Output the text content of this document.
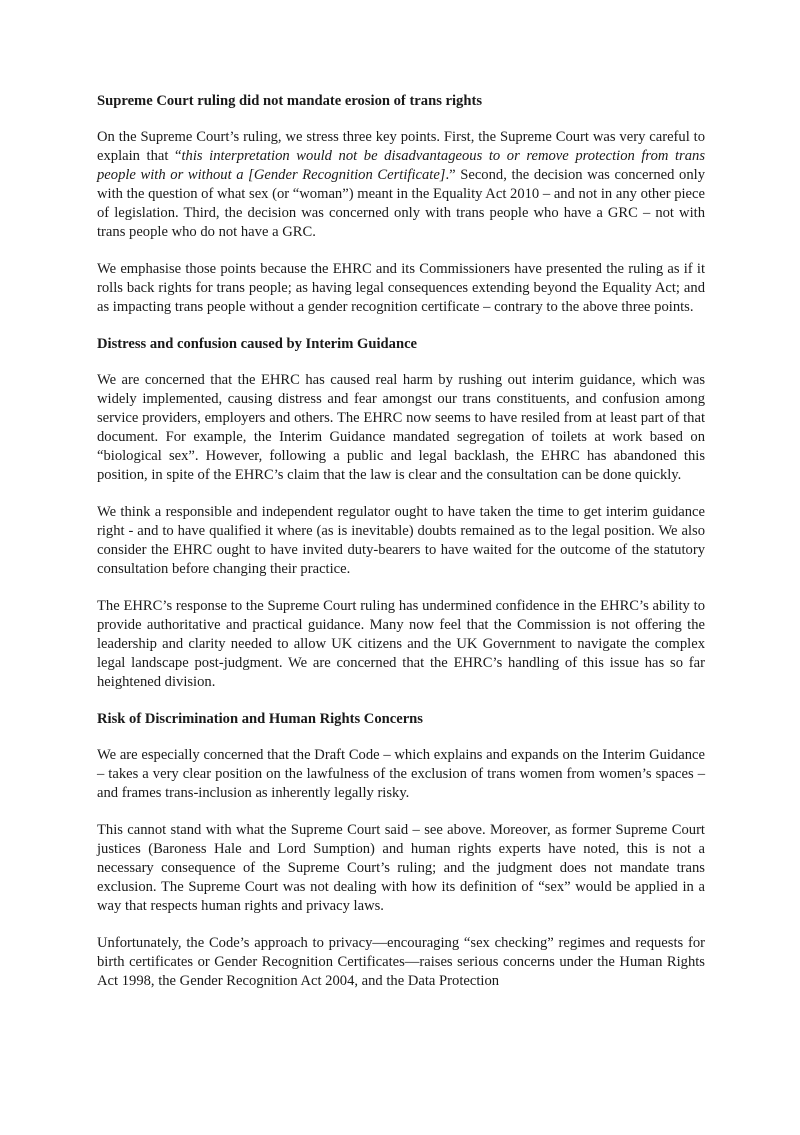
Supreme Court ruling did not mandate erosion of trans rights
On the Supreme Court’s ruling, we stress three key points. First, the Supreme Court was very careful to explain that “this interpretation would not be disadvantageous to or remove protection from trans people with or without a [Gender Recognition Certificate].” Second, the decision was concerned only with the question of what sex (or “woman”) meant in the Equality Act 2010 – and not in any other piece of legislation. Third, the decision was concerned only with trans people who have a GRC – not with trans people who do not have a GRC.
We emphasise those points because the EHRC and its Commissioners have presented the ruling as if it rolls back rights for trans people; as having legal consequences extending beyond the Equality Act; and as impacting trans people without a gender recognition certificate – contrary to the above three points.
Distress and confusion caused by Interim Guidance
We are concerned that the EHRC has caused real harm by rushing out interim guidance, which was widely implemented, causing distress and fear amongst our trans constituents, and confusion among service providers, employers and others. The EHRC now seems to have resiled from at least part of that document. For example, the Interim Guidance mandated segregation of toilets at work based on “biological sex”. However, following a public and legal backlash, the EHRC has abandoned this position, in spite of the EHRC’s claim that the law is clear and the consultation can be done quickly.
We think a responsible and independent regulator ought to have taken the time to get interim guidance right - and to have qualified it where (as is inevitable) doubts remained as to the legal position. We also consider the EHRC ought to have invited duty-bearers to have waited for the outcome of the statutory consultation before changing their practice.
The EHRC’s response to the Supreme Court ruling has undermined confidence in the EHRC’s ability to provide authoritative and practical guidance. Many now feel that the Commission is not offering the leadership and clarity needed to allow UK citizens and the UK Government to navigate the complex legal landscape post-judgment. We are concerned that the EHRC’s handling of this issue has so far heightened division.
Risk of Discrimination and Human Rights Concerns
We are especially concerned that the Draft Code – which explains and expands on the Interim Guidance – takes a very clear position on the lawfulness of the exclusion of trans women from women’s spaces – and frames trans-inclusion as inherently legally risky.
This cannot stand with what the Supreme Court said – see above. Moreover, as former Supreme Court justices (Baroness Hale and Lord Sumption) and human rights experts have noted, this is not a necessary consequence of the Supreme Court’s ruling; and the judgment does not mandate trans exclusion. The Supreme Court was not dealing with how its definition of “sex” would be applied in a way that respects human rights and privacy laws.
Unfortunately, the Code’s approach to privacy—encouraging “sex checking” regimes and requests for birth certificates or Gender Recognition Certificates—raises serious concerns under the Human Rights Act 1998, the Gender Recognition Act 2004, and the Data Protection
